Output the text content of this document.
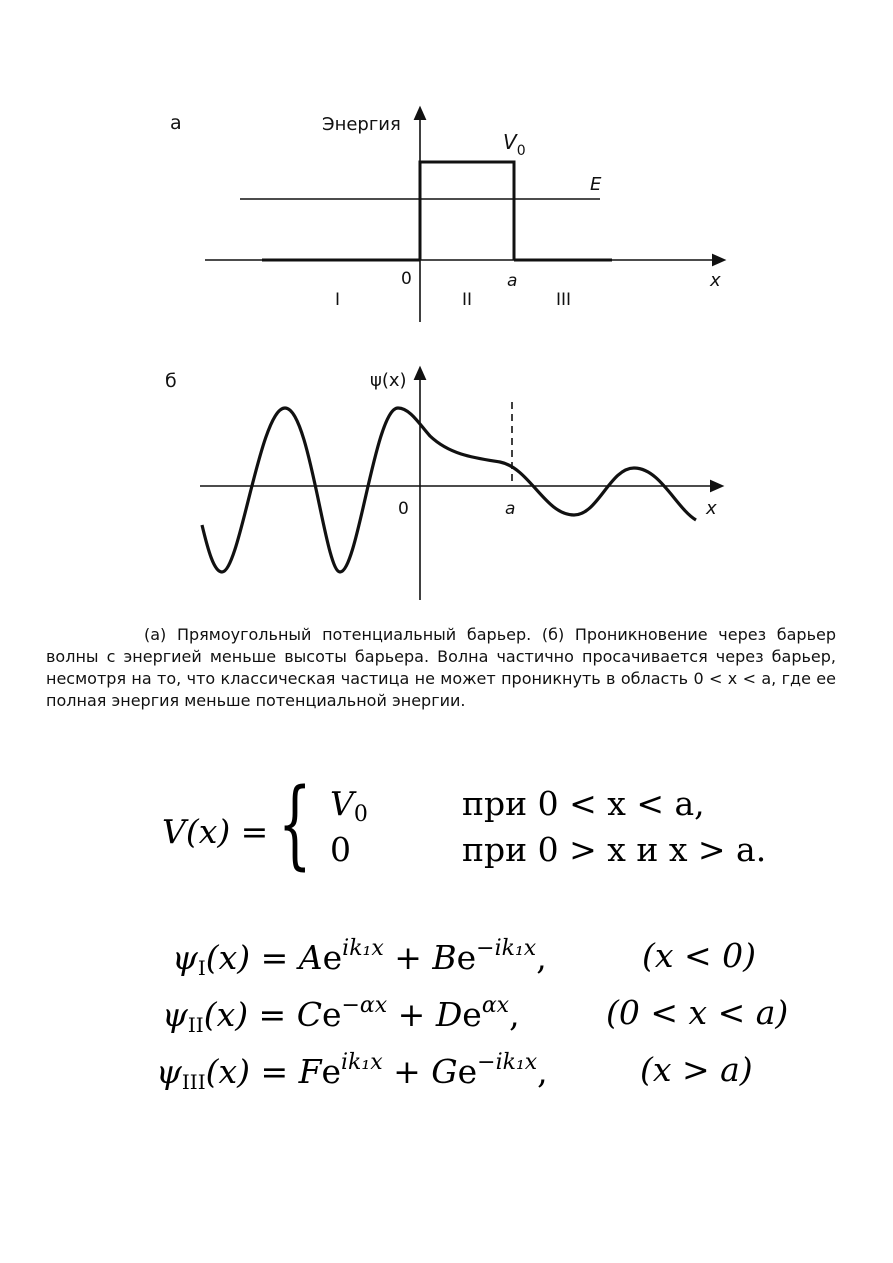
а	Энергия
$V_0$
E
0	a	x
I	II	III
б	ψ(x)
0	a	x
(а) Прямоугольный потенциальный барьер. (б) Проникновение через барьер волны с энергией меньше высоты барьера. Волна частично просачивается через барьер, несмотря на то, что классическая частица не может проникнуть в область 0 < x < a, где ее полная энергия меньше потенциальной энергии.
V(x) = { V0	при 0 < x < a,
0	при 0 > x и x > a.
$\psi_I(x) = Ae^{ik_1x} + Be^{-ik_1x}$,	(x < 0)
$\psi_{II}(x) = Ce^{-\alpha x} + De^{\alpha x}$,	(0 < x < a)
$\psi_{III}(x) = Fe^{ik_1x} + Ge^{-ik_1x}$,	(x > a)
